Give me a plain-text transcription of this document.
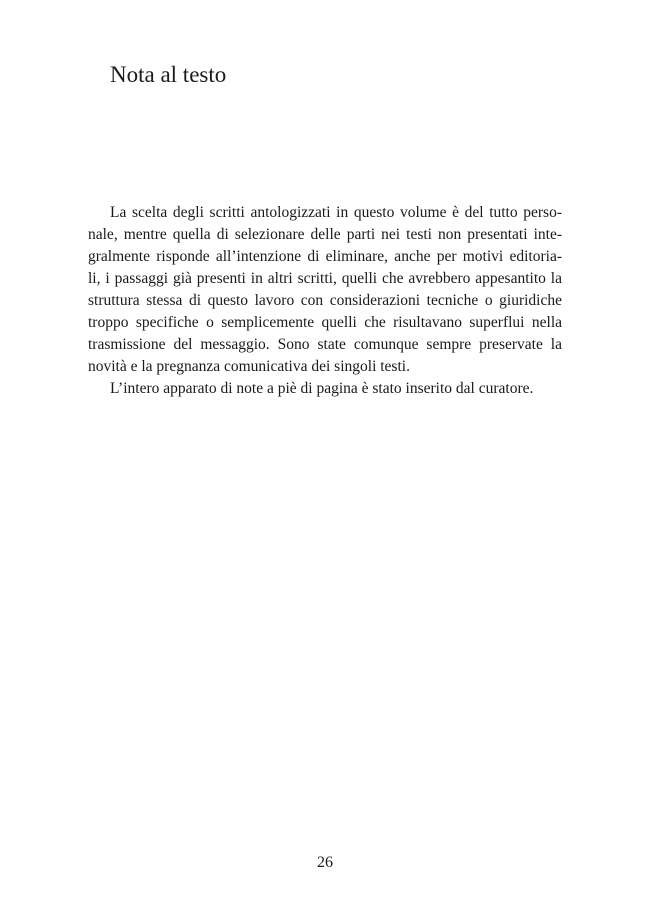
Nota al testo
La scelta degli scritti antologizzati in questo volume è del tutto perso-
nale, mentre quella di selezionare delle parti nei testi non presentati inte-
gralmente risponde all’intenzione di eliminare, anche per motivi editoria-
li, i passaggi già presenti in altri scritti, quelli che avrebbero appesantito la
struttura stessa di questo lavoro con considerazioni tecniche o giuridiche
troppo specifiche o semplicemente quelli che risultavano superflui nella
trasmissione del messaggio. Sono state comunque sempre preservate la
novità e la pregnanza comunicativa dei singoli testi.
L’intero apparato di note a piè di pagina è stato inserito dal curatore.
26
